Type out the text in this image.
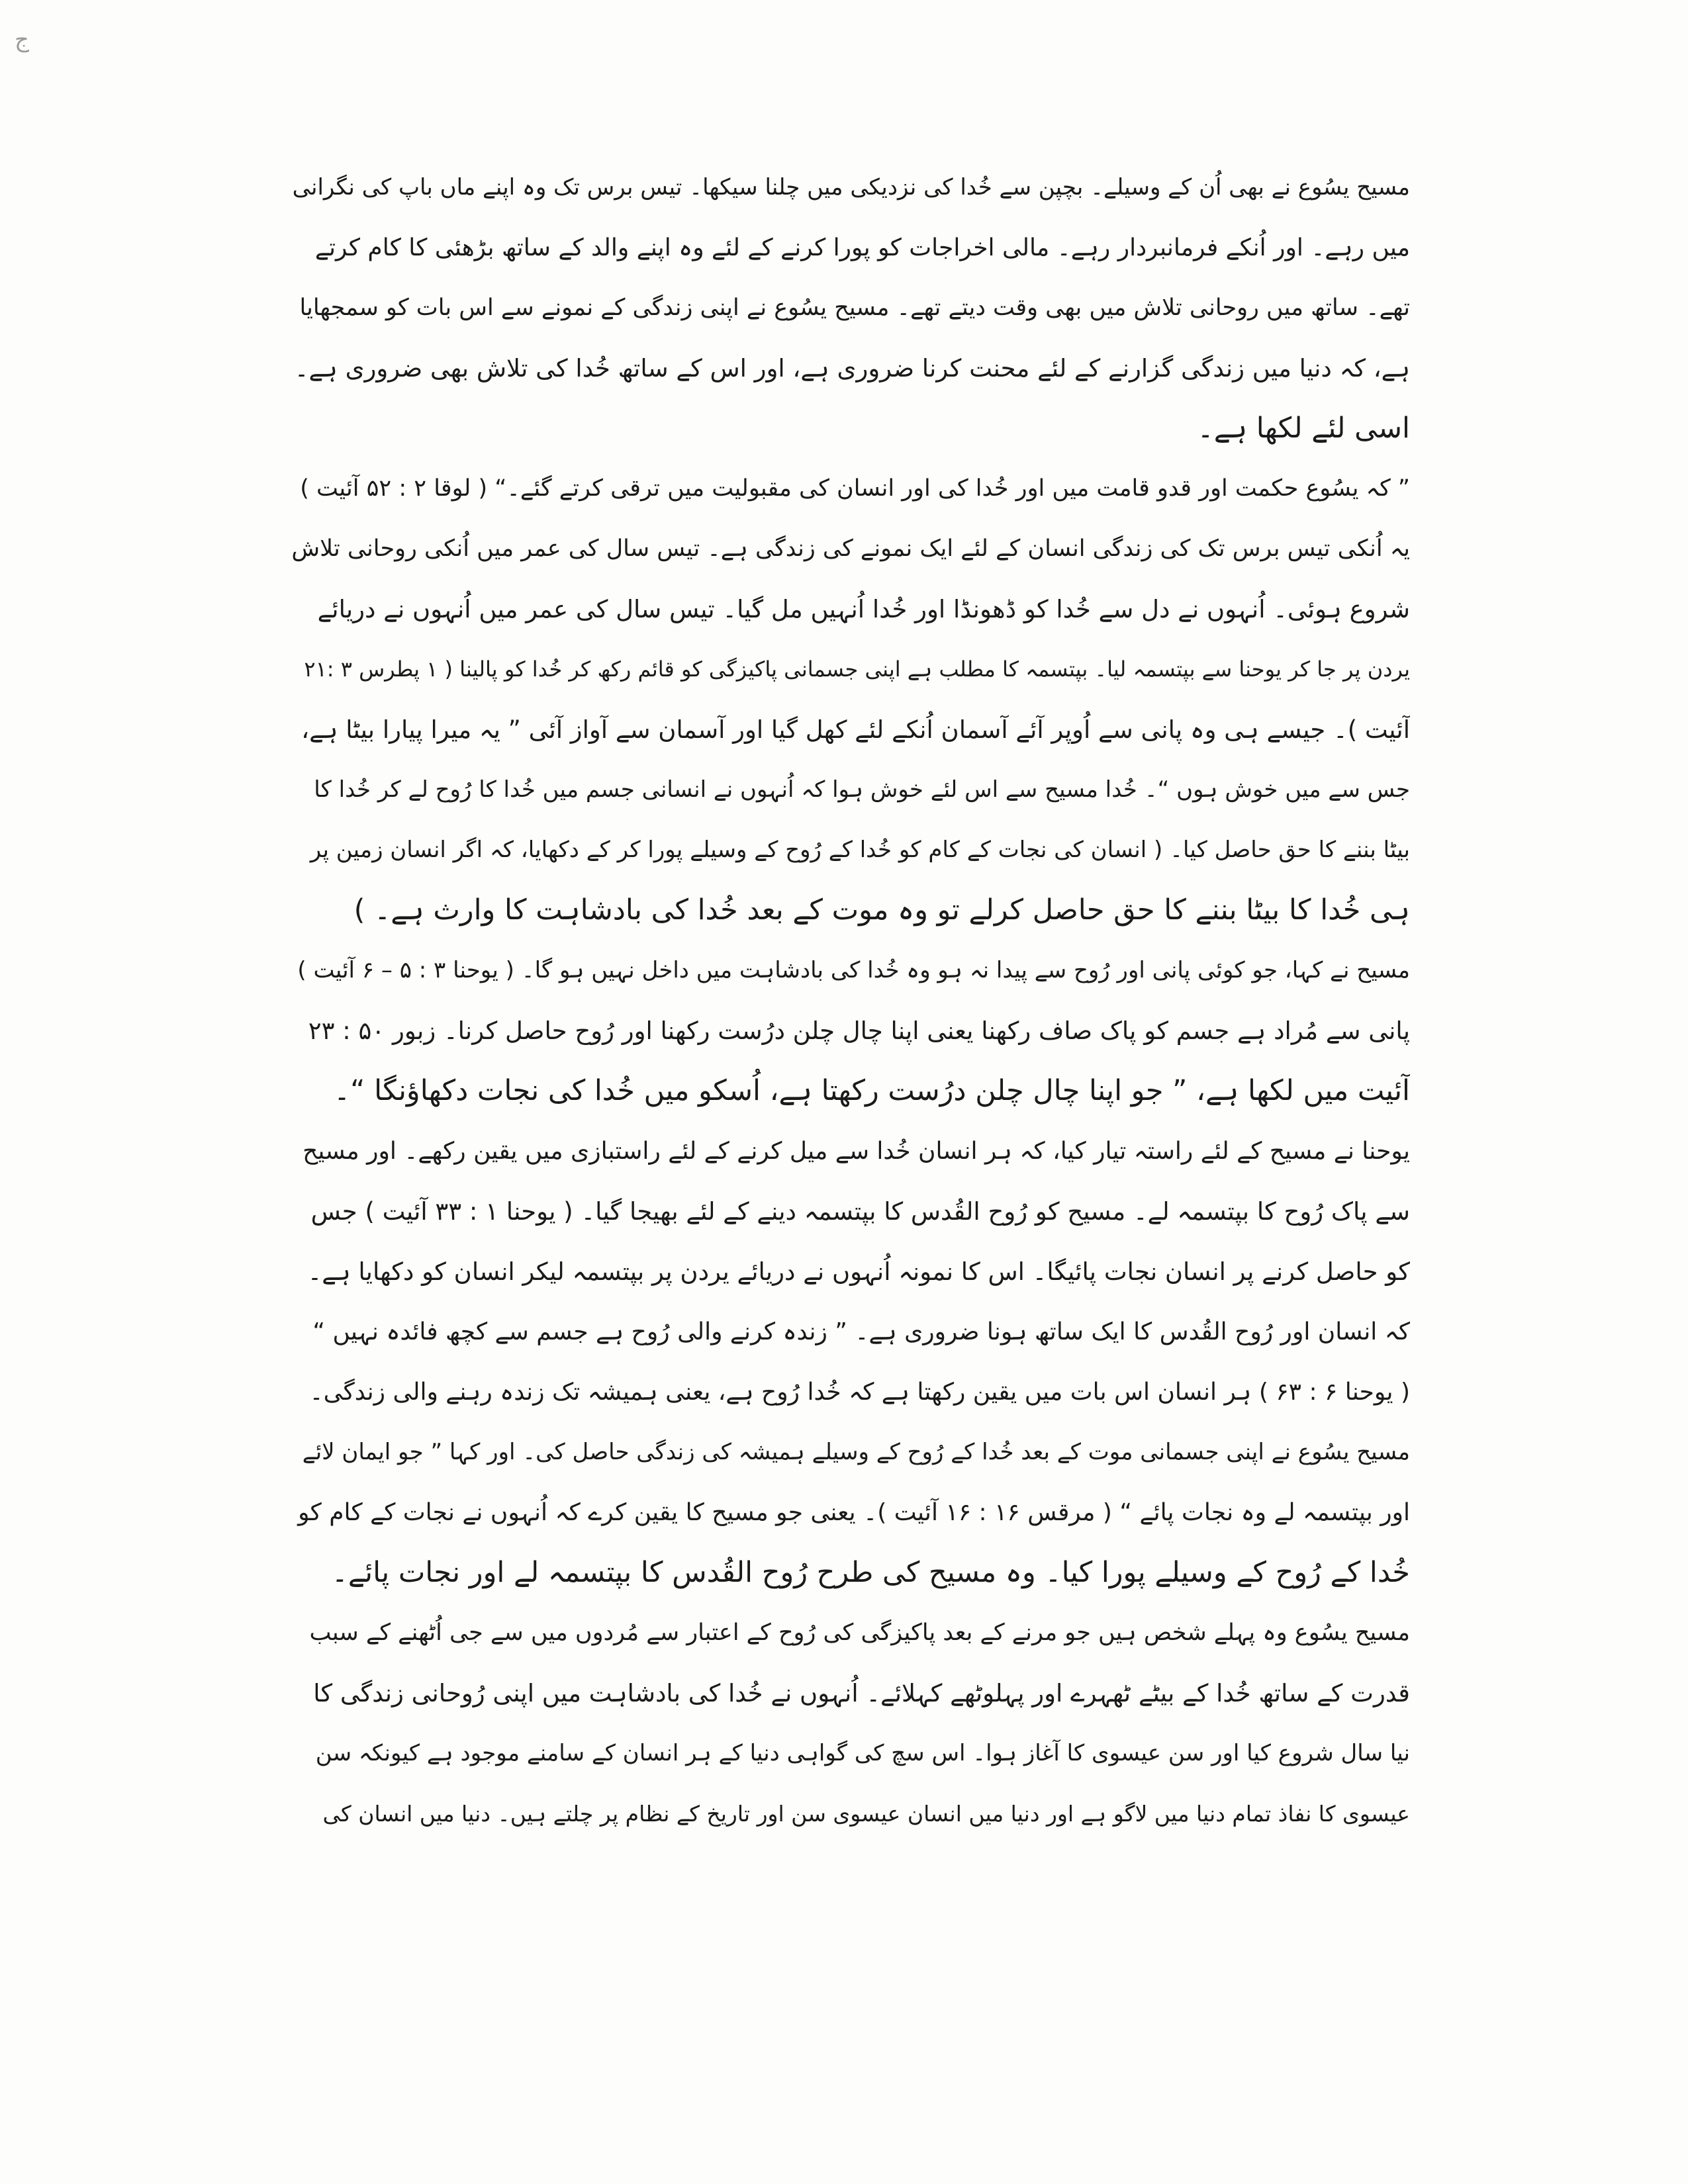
ج
مسیح یسُوع نے بھی اُن کے وسیلے۔ بچپن سے خُدا کی نزدیکی میں چلنا سیکھا۔ تیس برس تک وہ اپنے ماں باپ کی نگرانی
میں رہے۔ اور اُنکے فرمانبردار رہے۔ مالی اخراجات کو پورا کرنے کے لئے وہ اپنے والد کے ساتھ بڑھئی کا کام کرتے
تھے۔ ساتھ میں روحانی تلاش میں بھی وقت دیتے تھے۔ مسیح یسُوع نے اپنی زندگی کے نمونے سے اس بات کو سمجھایا
ہے، کہ دنیا میں زندگی گزارنے کے لئے محنت کرنا ضروری ہے، اور اس کے ساتھ خُدا کی تلاش بھی ضروری ہے۔
اسی لئے لکھا ہے۔
” کہ یسُوع حکمت اور قدو قامت میں اور خُدا کی اور انسان کی مقبولیت میں ترقی کرتے گئے۔“ ( لوقا ۲ : ۵۲ آئیت )
یہ اُنکی تیس برس تک کی زندگی انسان کے لئے ایک نمونے کی زندگی ہے۔ تیس سال کی عمر میں اُنکی روحانی تلاش
شروع ہوئی۔ اُنہوں نے دل سے خُدا کو ڈھونڈا اور خُدا اُنہیں مل گیا۔ تیس سال کی عمر میں اُنہوں نے دریائے
یردن پر جا کر یوحنا سے بپتسمہ لیا۔ بپتسمہ کا مطلب ہے اپنی جسمانی پاکیزگی کو قائم رکھ کر خُدا کو پالینا ( ۱ پطرس ۳ :۲۱
آئیت )۔ جیسے ہی وہ پانی سے اُوپر آئے آسمان اُنکے لئے کھل گیا اور آسمان سے آواز آئی ” یہ میرا پیارا بیٹا ہے،
جس سے میں خوش ہوں “۔ خُدا مسیح سے اس لئے خوش ہوا کہ اُنہوں نے انسانی جسم میں خُدا کا رُوح لے کر خُدا کا
بیٹا بننے کا حق حاصل کیا۔ ( انسان کی نجات کے کام کو خُدا کے رُوح کے وسیلے پورا کر کے دکھایا، کہ اگر انسان زمین پر
ہی خُدا کا بیٹا بننے کا حق حاصل کرلے تو وہ موت کے بعد خُدا کی بادشاہت کا وارث ہے۔ )
مسیح نے کہا، جو کوئی پانی اور رُوح سے پیدا نہ ہو وہ خُدا کی بادشاہت میں داخل نہیں ہو گا۔ ( یوحنا ۳ : ۵ – ۶ آئیت )
پانی سے مُراد ہے جسم کو پاک صاف رکھنا یعنی اپنا چال چلن درُست رکھنا اور رُوح حاصل کرنا۔ زبور ۵۰ : ۲۳
آئیت میں لکھا ہے، ” جو اپنا چال چلن درُست رکھتا ہے، اُسکو میں خُدا کی نجات دکھاؤنگا “۔
یوحنا نے مسیح کے لئے راستہ تیار کیا، کہ ہر انسان خُدا سے میل کرنے کے لئے راستبازی میں یقین رکھے۔ اور مسیح
سے پاک رُوح کا بپتسمہ لے۔ مسیح کو رُوح القُدس کا بپتسمہ دینے کے لئے بھیجا گیا۔ ( یوحنا ۱ : ۳۳ آئیت ) جس
کو حاصل کرنے پر انسان نجات پائیگا۔ اس کا نمونہ اُنہوں نے دریائے یردن پر بپتسمہ لیکر انسان کو دکھایا ہے۔
کہ انسان اور رُوح القُدس کا ایک ساتھ ہونا ضروری ہے۔ ” زندہ کرنے والی رُوح ہے جسم سے کچھ فائدہ نہیں “
( یوحنا ۶ : ۶۳ ) ہر انسان اس بات میں یقین رکھتا ہے کہ خُدا رُوح ہے، یعنی ہمیشہ تک زندہ رہنے والی زندگی۔
مسیح یسُوع نے اپنی جسمانی موت کے بعد خُدا کے رُوح کے وسیلے ہمیشہ کی زندگی حاصل کی۔ اور کہا ” جو ایمان لائے
اور بپتسمہ لے وہ نجات پائے “ ( مرقس ۱۶ : ۱۶ آئیت )۔ یعنی جو مسیح کا یقین کرے کہ اُنہوں نے نجات کے کام کو
خُدا کے رُوح کے وسیلے پورا کیا۔ وہ مسیح کی طرح رُوح القُدس کا بپتسمہ لے اور نجات پائے۔
مسیح یسُوع وہ پہلے شخص ہیں جو مرنے کے بعد پاکیزگی کی رُوح کے اعتبار سے مُردوں میں سے جی اُٹھنے کے سبب
قدرت کے ساتھ خُدا کے بیٹے ٹھہرے اور پہلوٹھے کہلائے۔ اُنہوں نے خُدا کی بادشاہت میں اپنی رُوحانی زندگی کا
نیا سال شروع کیا اور سن عیسوی کا آغاز ہوا۔ اس سچ کی گواہی دنیا کے ہر انسان کے سامنے موجود ہے کیونکہ سن
عیسوی کا نفاذ تمام دنیا میں لاگو ہے اور دنیا میں انسان عیسوی سن اور تاریخ کے نظام پر چلتے ہیں۔ دنیا میں انسان کی
